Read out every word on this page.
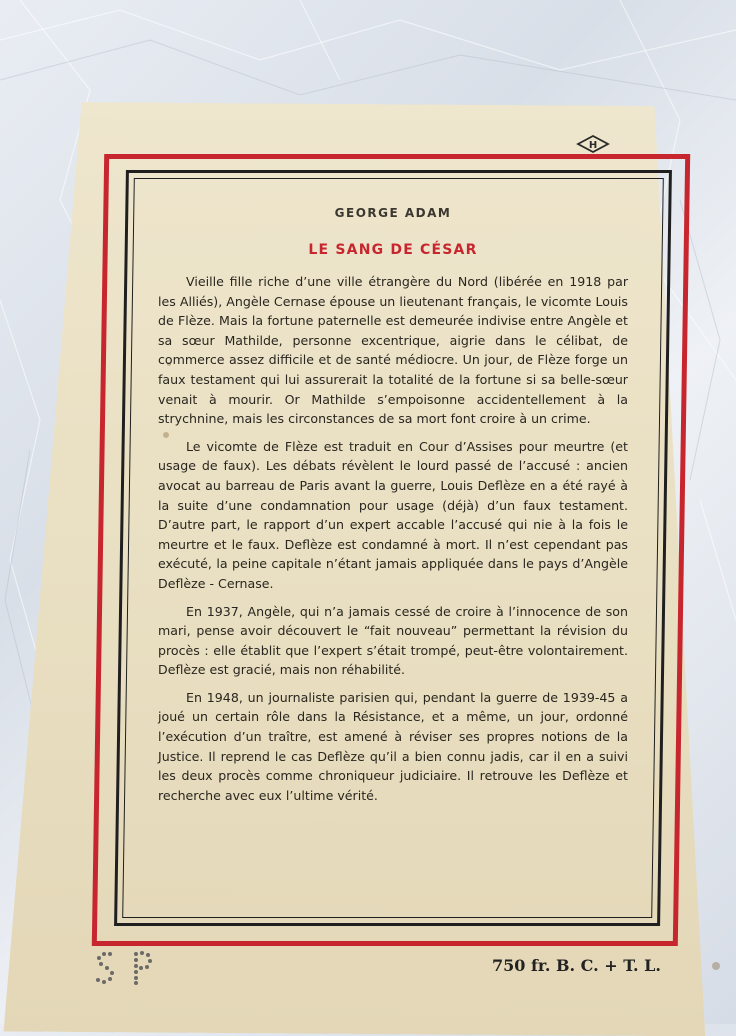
H
GEORGE ADAM
LE SANG DE CÉSAR

Vieille fille riche d’une ville étrangère du Nord (libérée en 1918 par les Alliés), Angèle Cernase épouse un lieutenant français, le vicomte Louis de Flèze. Mais la fortune paternelle est demeurée indivise entre Angèle et sa sœur Mathilde, personne excentrique, aigrie dans le célibat, de commerce assez difficile et de santé médiocre. Un jour, de Flèze forge un faux testament qui lui assurerait la totalité de la fortune si sa belle-sœur venait à mourir. Or Mathilde s’empoisonne accidentellement à la strychnine, mais les circonstances de sa mort font croire à un crime.

Le vicomte de Flèze est traduit en Cour d’Assises pour meurtre (et usage de faux). Les débats révèlent le lourd passé de l’accusé : ancien avocat au barreau de Paris avant la guerre, Louis Deflèze en a été rayé à la suite d’une condamnation pour usage (déjà) d’un faux testament. D’autre part, le rapport d’un expert accable l’accusé qui nie à la fois le meurtre et le faux. Deflèze est condamné à mort. Il n’est cependant pas exécuté, la peine capitale n’étant jamais appliquée dans le pays d’Angèle Deflèze - Cernase.

En 1937, Angèle, qui n’a jamais cessé de croire à l’innocence de son mari, pense avoir découvert le “fait nouveau” permettant la révision du procès : elle établit que l’expert s’était trompé, peut-être volontairement. Deflèze est gracié, mais non réhabilité.

En 1948, un journaliste parisien qui, pendant la guerre de 1939-45 a joué un certain rôle dans la Résistance, et a même, un jour, ordonné l’exécution d’un traître, est amené à réviser ses propres notions de la Justice. Il reprend le cas Deflèze qu’il a bien connu jadis, car il en a suivi les deux procès comme chroniqueur judiciaire. Il retrouve les Deflèze et recherche avec eux l’ultime vérité.

750 fr. B. C. + T. L.
